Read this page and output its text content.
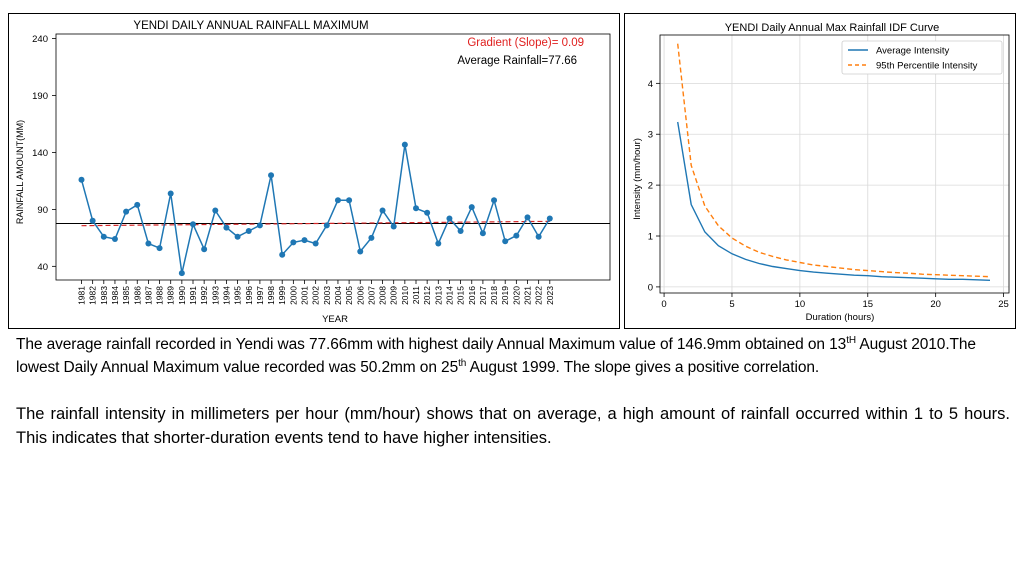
YENDI DAILY ANNUAL RAINFALL MAXIMUM
Gradient (Slope)= 0.09
Average Rainfall=77.66
RAINFALL AMOUNT(MM)
YEAR
40
90
140
190
240
1981 1982 1983 1984 1985 1986 1987 1988 1989 1990 1991 1992 1993 1994 1995 1996 1997 1998 1999 2000 2001 2002 2003 2004 2005 2006 2007 2008 2009 2010 2011 2012 2013 2014 2015 2016 2017 2018 2019 2020 2021 2022 2023
YENDI Daily Annual Max Rainfall IDF Curve
Intensity (mm/hour)
Duration (hours)
0	5	10	15	20	25
0
1
2
3
4
Average Intensity
95th Percentile Intensity
The average rainfall recorded in Yendi was 77.66mm with highest daily Annual Maximum value of 146.9mm obtained on 13tH August 2010.The lowest Daily Annual Maximum value recorded was 50.2mm on 25th August 1999. The slope gives a positive correlation.
The rainfall intensity in millimeters per hour (mm/hour) shows that on average, a high amount of rainfall occurred within 1 to 5 hours. This indicates that shorter-duration events tend to have higher intensities.
